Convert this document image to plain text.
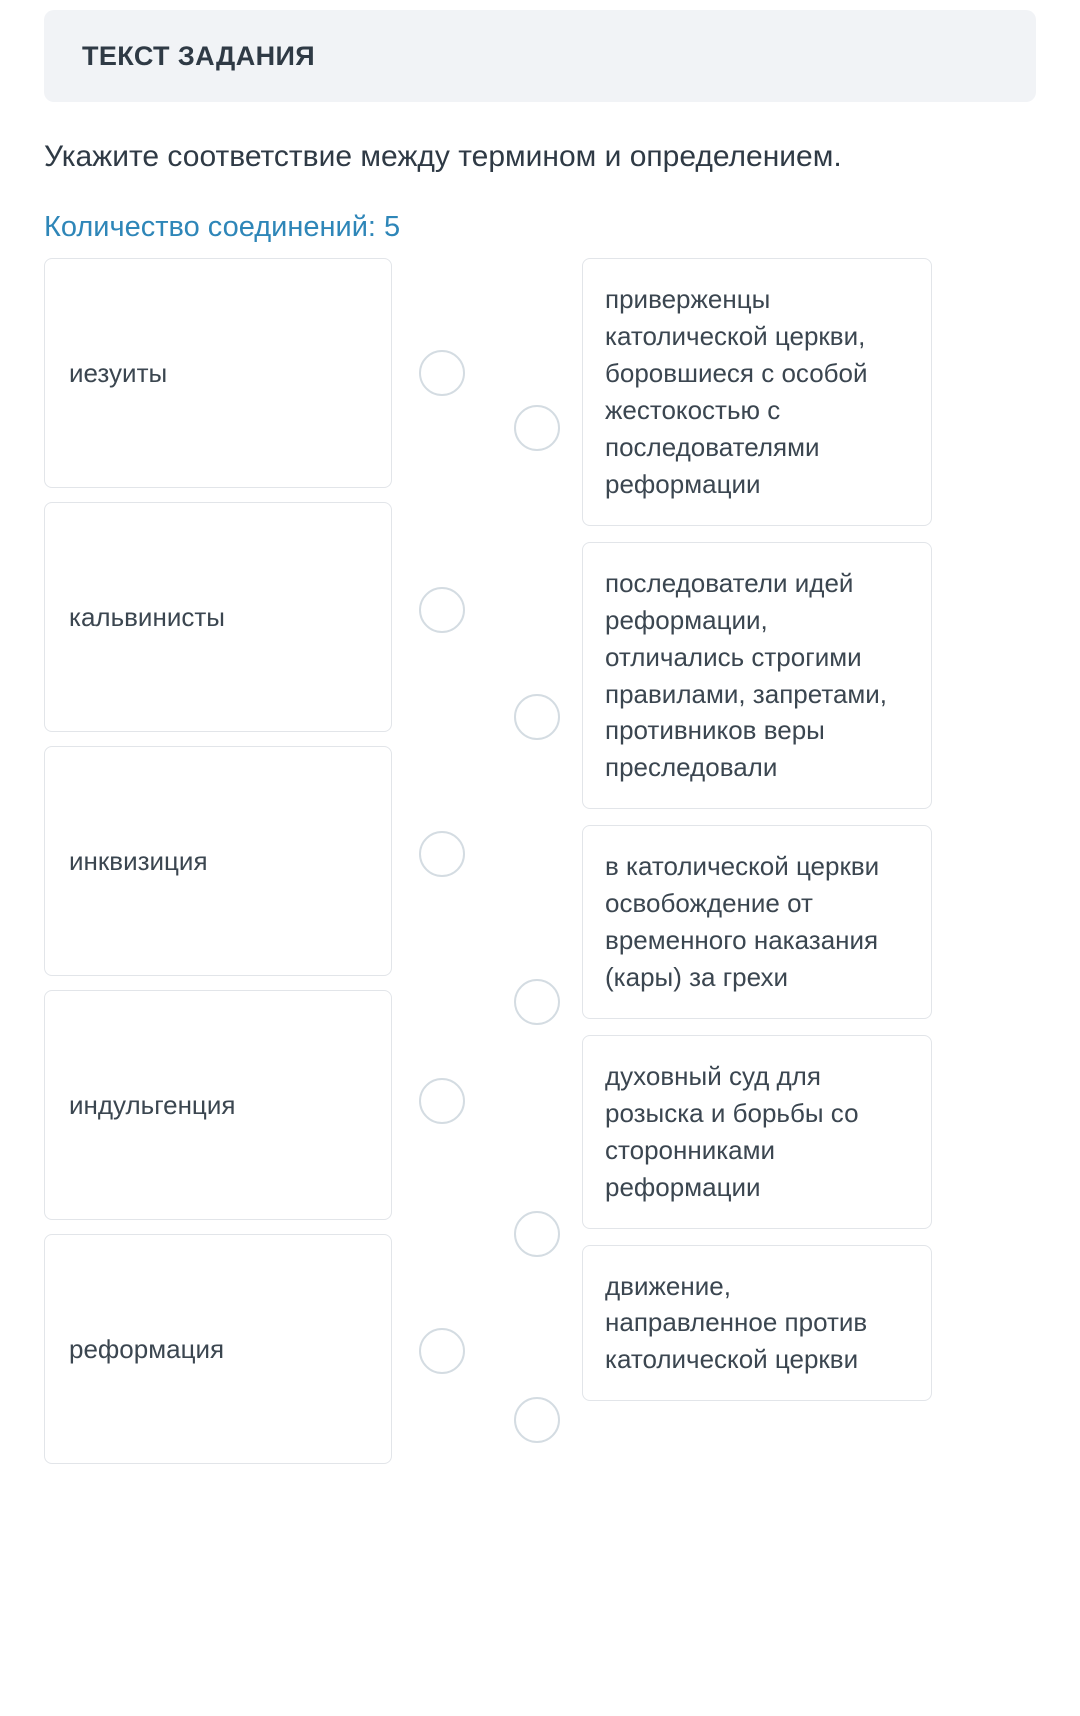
ТЕКСТ ЗАДАНИЯ
Укажите соответствие между термином и определением.
Количество соединений: 5
иезуиты
кальвинисты
инквизиция
индульгенция
реформация
приверженцы католической церкви, боровшиеся с особой жестокостью с последователями реформации
последователи идей реформации, отличались строгими правилами, запретами, противников веры преследовали
в католической церкви освобождение от временного наказания (кары) за грехи
духовный суд для розыска и борьбы со сторонниками реформации
движение, направленное против католической церкви
